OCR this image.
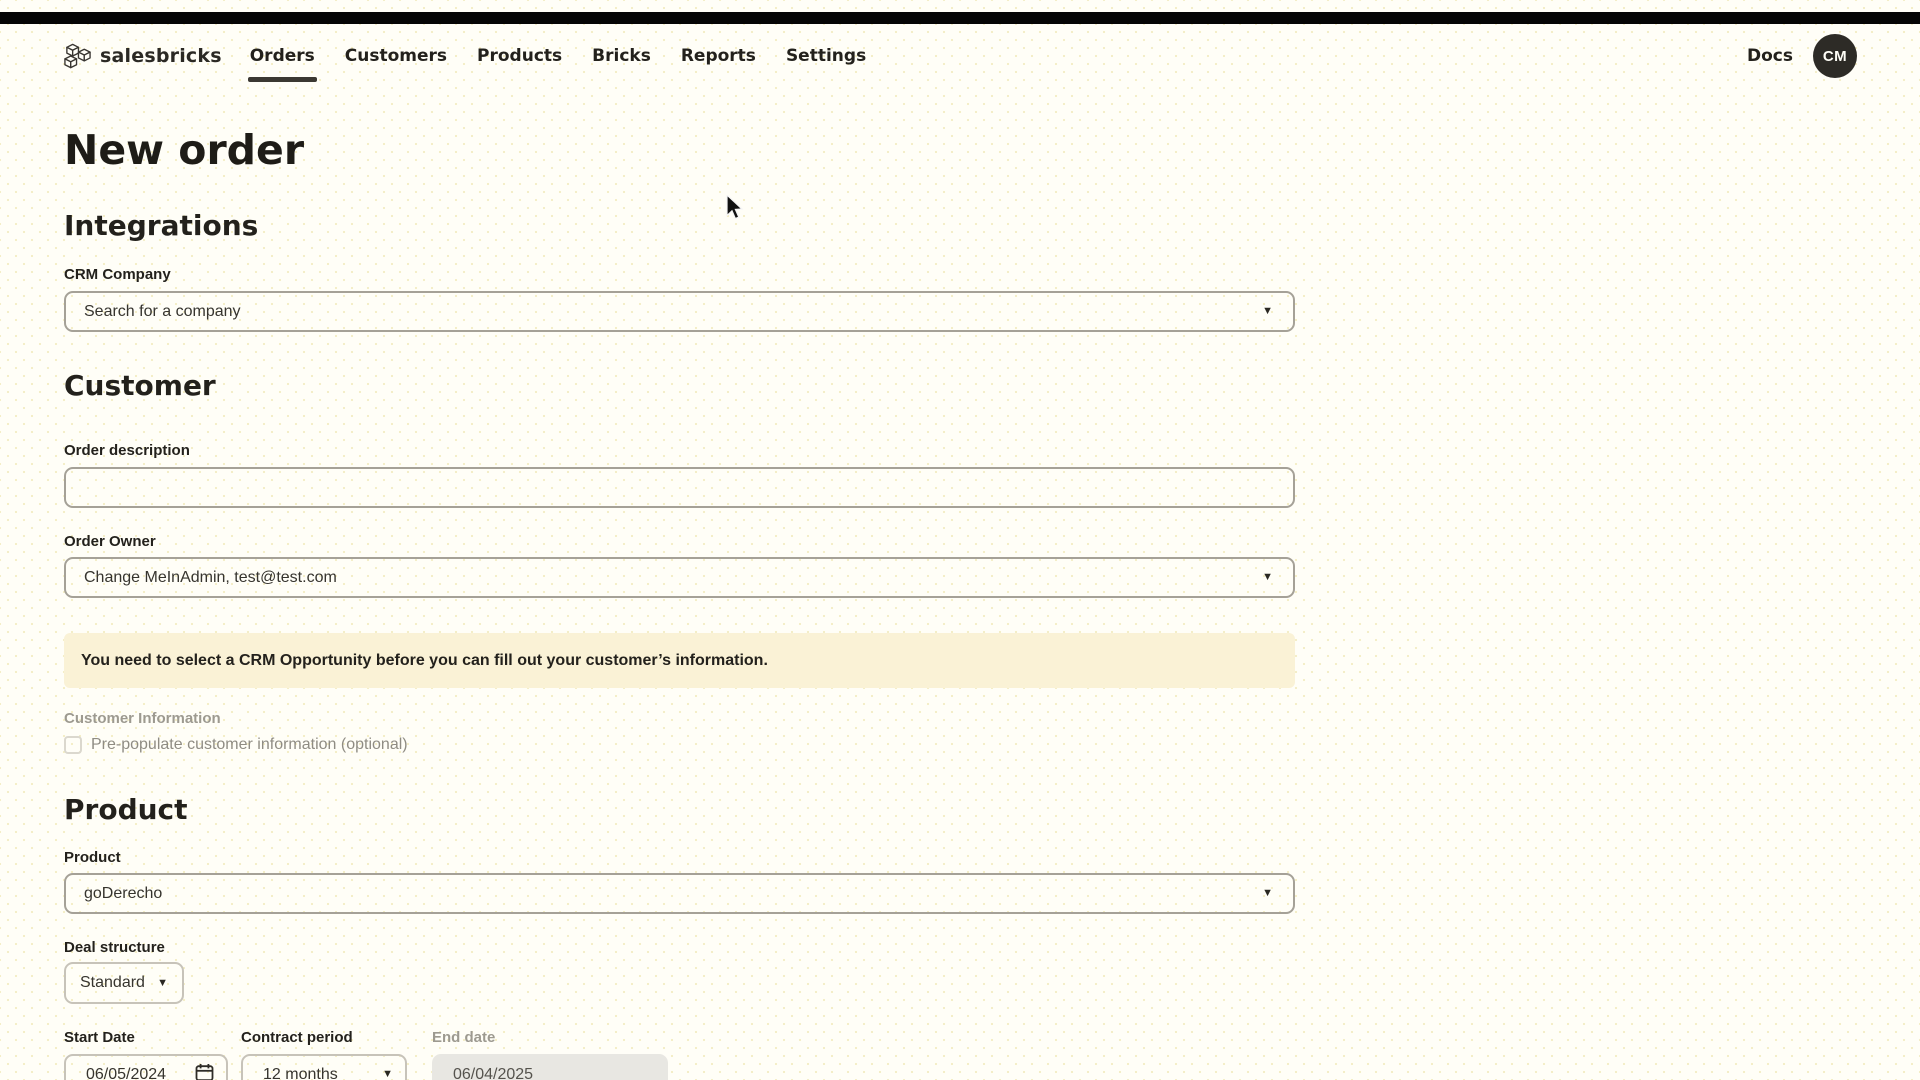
salesbricks Orders Customers Products Bricks Reports Settings	Docs	CM
New order
Integrations
CRM Company
Search for a company	▼
Customer
Order description
Order Owner
Change MeInAdmin, test@test.com	▼
You need to select a CRM Opportunity before you can fill out your customer’s information.
Customer Information
Pre-populate customer information (optional)
Product
Product
goDerecho	▼
Deal structure
Standard ▼
Start Date
06/05/2024
Contract period
12 months	▼
End date
06/04/2025
